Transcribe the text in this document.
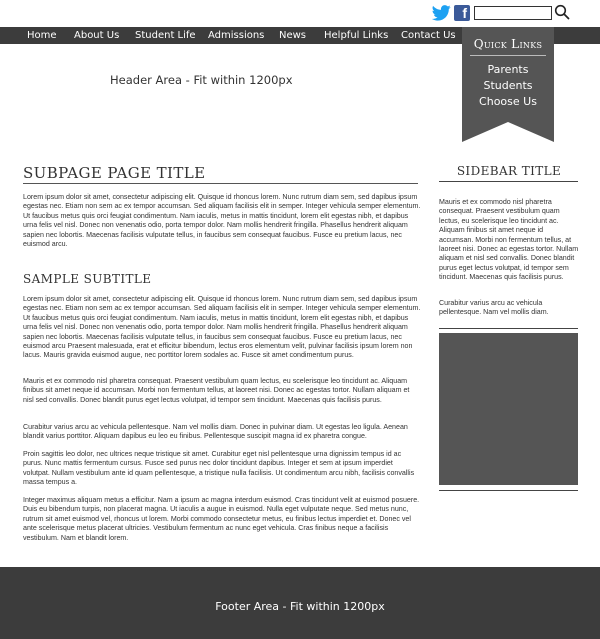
f
Home About Us Student Life Admissions News Helpful Links Contact Us
Quick Links
Parents
Students
Choose Us
Header Area - Fit within 1200px
SUBPAGE PAGE TITLE

Lorem ipsum dolor sit amet, consectetur adipiscing elit. Quisque id rhoncus lorem. Nunc rutrum diam sem, sed dapibus ipsum egestas nec. Etiam non sem ac ex tempor accumsan. Sed aliquam facilisis elit in semper. Integer vehicula semper elementum. Ut faucibus metus quis orci feugiat condimentum. Nam iaculis, metus in mattis tincidunt, lorem elit egestas nibh, et dapibus urna felis vel nisl. Donec non venenatis odio, porta tempor dolor. Nam mollis hendrerit fringilla. Phasellus hendrerit aliquam sapien nec lobortis. Maecenas facilisis vulputate tellus, in faucibus sem consequat faucibus. Fusce eu pretium lacus, nec euismod arcu.

SAMPLE SUBTITLE

Lorem ipsum dolor sit amet, consectetur adipiscing elit. Quisque id rhoncus lorem. Nunc rutrum diam sem, sed dapibus ipsum egestas nec. Etiam non sem ac ex tempor accumsan. Sed aliquam facilisis elit in semper. Integer vehicula semper elementum. Ut faucibus metus quis orci feugiat condimentum. Nam iaculis, metus in mattis tincidunt, lorem elit egestas nibh, et dapibus urna felis vel nisl. Donec non venenatis odio, porta tempor dolor. Nam mollis hendrerit fringilla. Phasellus hendrerit aliquam sapien nec lobortis. Maecenas facilisis vulputate tellus, in faucibus sem consequat faucibus. Fusce eu pretium lacus, nec euismod arcu Praesent malesuada, erat et efficitur bibendum, lectus eros elementum velit, pulvinar facilisis ipsum lorem non lacus. Mauris gravida euismod augue, nec porttitor lorem sodales ac. Fusce sit amet condimentum purus.

Mauris et ex commodo nisl pharetra consequat. Praesent vestibulum quam lectus, eu scelerisque leo tincidunt ac. Aliquam finibus sit amet neque id accumsan. Morbi non fermentum tellus, at laoreet nisi. Donec ac egestas tortor. Nullam aliquam et nisl sed convallis. Donec blandit purus eget lectus volutpat, id tempor sem tincidunt. Maecenas quis facilisis purus.

Curabitur varius arcu ac vehicula pellentesque. Nam vel mollis diam. Donec in pulvinar diam. Ut egestas leo ligula. Aenean blandit varius porttitor. Aliquam dapibus eu leo eu finibus. Pellentesque suscipit magna id ex pharetra congue.

Proin sagittis leo dolor, nec ultrices neque tristique sit amet. Curabitur eget nisl pellentesque urna dignissim tempus id ac purus. Nunc mattis fermentum cursus. Fusce sed purus nec dolor tincidunt dapibus. Integer et sem at ipsum imperdiet volutpat. Nullam vestibulum ante id quam pellentesque, a tristique nulla facilisis. Ut condimentum arcu nibh, facilisis convallis massa tempus a.

Integer maximus aliquam metus a efficitur. Nam a ipsum ac magna interdum euismod. Cras tincidunt velit at euismod posuere. Duis eu bibendum turpis, non placerat magna. Ut iaculis a augue in euismod. Nulla eget vulputate neque. Sed metus nunc, rutrum sit amet euismod vel, rhoncus ut lorem. Morbi commodo consectetur metus, eu finibus lectus imperdiet et. Donec vel ante scelerisque metus placerat ultricies. Vestibulum fermentum ac nunc eget vehicula. Cras finibus neque a facilisis vestibulum. Nam et blandit lorem.

SIDEBAR TITLE

Mauris et ex commodo nisl pharetra consequat. Praesent vestibulum quam lectus, eu scelerisque leo tincidunt ac. Aliquam finibus sit amet neque id accumsan. Morbi non fermentum tellus, at laoreet nisi. Donec ac egestas tortor. Nullam aliquam et nisl sed convallis. Donec blandit purus eget lectus volutpat, id tempor sem tincidunt. Maecenas quis facilisis purus.

Curabitur varius arcu ac vehicula pellentesque. Nam vel mollis diam.

Footer Area - Fit within 1200px
